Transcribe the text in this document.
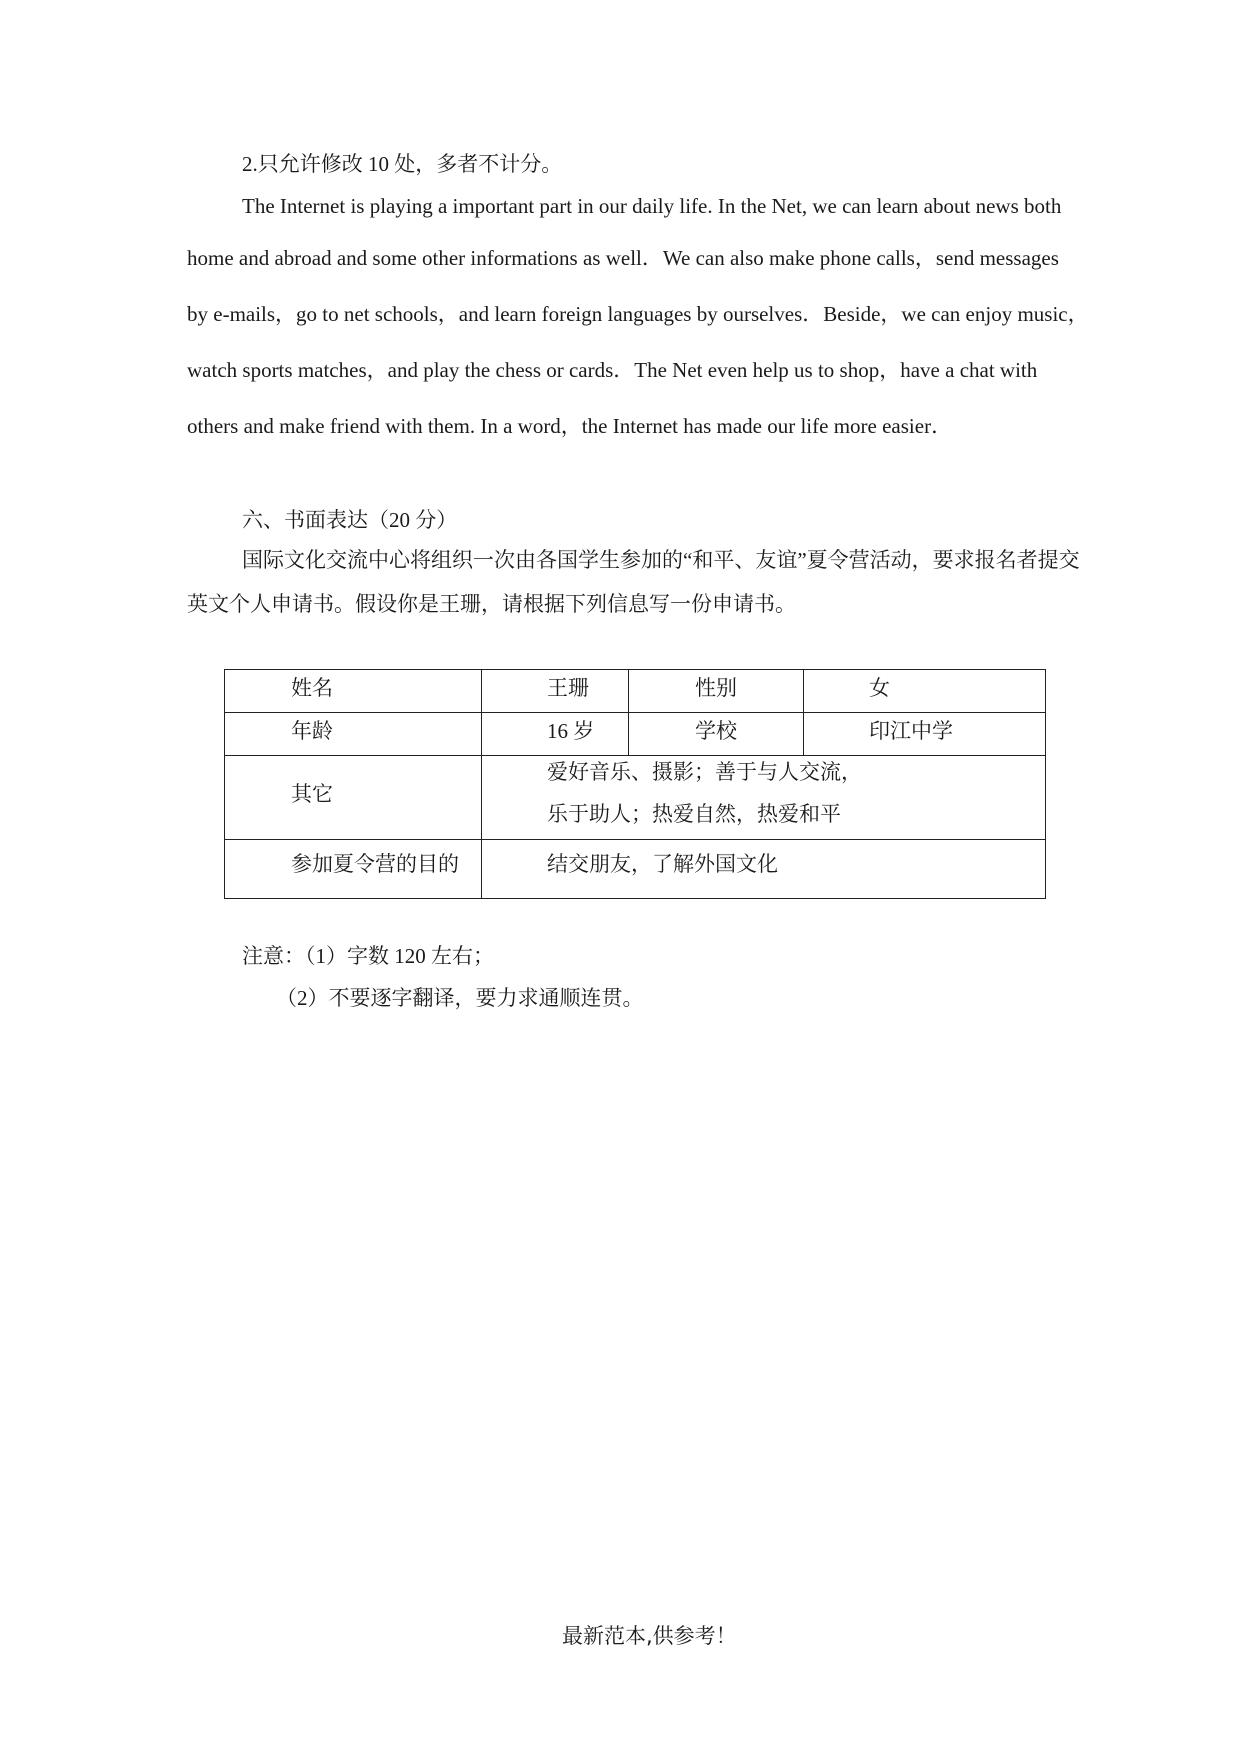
2.只允许修改 10 处，多者不计分。
The Internet is playing a important part in our daily life. In the Net, we can learn about news both
home and abroad and some other informations as well．We can also make phone calls，send messages
by e-mails，go to net schools，and learn foreign languages by ourselves．Beside，we can enjoy music，
watch sports matches，and play the chess or cards．The Net even help us to shop，have a chat with
others and make friend with them. In a word，the Internet has made our life more easier．
六、书面表达（20 分）
国际文化交流中心将组织一次由各国学生参加的“和平、友谊”夏令营活动，要求报名者提交
英文个人申请书。假设你是王珊，请根据下列信息写一份申请书。
姓名	王珊	性别	女

年龄	16 岁	学校	印江中学

其它	爱好音乐、摄影；善于与人交流，
乐于助人；热爱自然，热爱和平		

参加夏令营的目的	结交朋友，了解外国文化		
注意：（1）字数 120 左右；
（2）不要逐字翻译，要力求通顺连贯。
最新范本,供参考！
